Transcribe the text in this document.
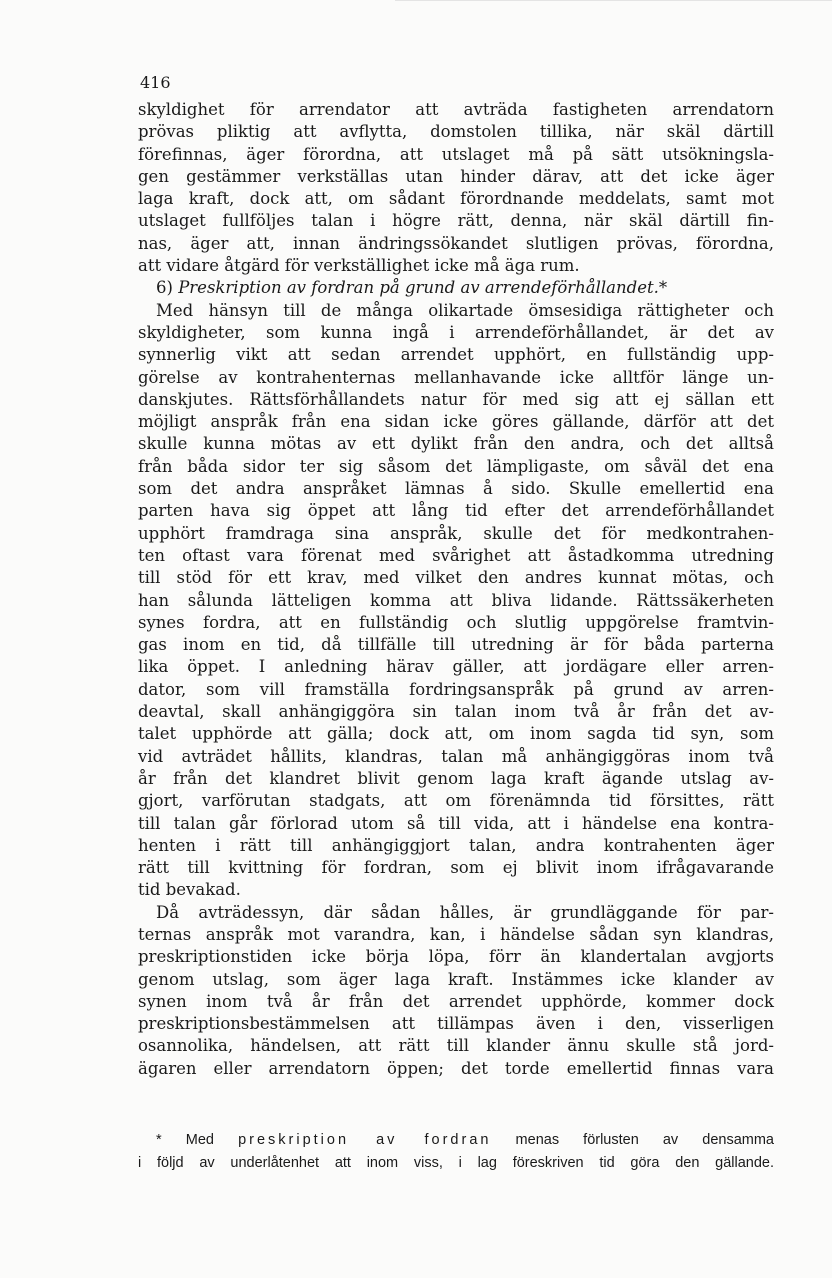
416
skyldighet för arrendator att avträda fastigheten arrendatorn
prövas pliktig att avflytta, domstolen tillika, när skäl därtill
förefinnas, äger förordna, att utslaget må på sätt utsökningsla-
gen gestämmer verkställas utan hinder därav, att det icke äger
laga kraft, dock att, om sådant förordnande meddelats, samt mot
utslaget fullföljes talan i högre rätt, denna, när skäl därtill fin-
nas, äger att, innan ändringssökandet slutligen prövas, förordna,
att vidare åtgärd för verkställighet icke må äga rum.
6) Preskription av fordran på grund av arrendeförhållandet.*
Med hänsyn till de många olikartade ömsesidiga rättigheter och
skyldigheter, som kunna ingå i arrendeförhållandet, är det av
synnerlig vikt att sedan arrendet upphört, en fullständig upp-
görelse av kontrahenternas mellanhavande icke alltför länge un-
danskjutes. Rättsförhållandets natur för med sig att ej sällan ett
möjligt anspråk från ena sidan icke göres gällande, därför att det
skulle kunna mötas av ett dylikt från den andra, och det alltså
från båda sidor ter sig såsom det lämpligaste, om såväl det ena
som det andra anspråket lämnas å sido. Skulle emellertid ena
parten hava sig öppet att lång tid efter det arrendeförhållandet
upphört framdraga sina anspråk, skulle det för medkontrahen-
ten oftast vara förenat med svårighet att åstadkomma utredning
till stöd för ett krav, med vilket den andres kunnat mötas, och
han sålunda lätteligen komma att bliva lidande. Rättssäkerheten
synes fordra, att en fullständig och slutlig uppgörelse framtvin-
gas inom en tid, då tillfälle till utredning är för båda parterna
lika öppet. I anledning härav gäller, att jordägare eller arren-
dator, som vill framställa fordringsanspråk på grund av arren-
deavtal, skall anhängiggöra sin talan inom två år från det av-
talet upphörde att gälla; dock att, om inom sagda tid syn, som
vid avträdet hållits, klandras, talan må anhängiggöras inom två
år från det klandret blivit genom laga kraft ägande utslag av-
gjort, varförutan stadgats, att om förenämnda tid försittes, rätt
till talan går förlorad utom så till vida, att i händelse ena kontra-
henten i rätt till anhängiggjort talan, andra kontrahenten äger
rätt till kvittning för fordran, som ej blivit inom ifrågavarande
tid bevakad.
Då avträdessyn, där sådan hålles, är grundläggande för par-
ternas anspråk mot varandra, kan, i händelse sådan syn klandras,
preskriptionstiden icke börja löpa, förr än klandertalan avgjorts
genom utslag, som äger laga kraft. Instämmes icke klander av
synen inom två år från det arrendet upphörde, kommer dock
preskriptionsbestämmelsen att tillämpas även i den, visserligen
osannolika, händelsen, att rätt till klander ännu skulle stå jord-
ägaren eller arrendatorn öppen; det torde emellertid finnas vara
* Med preskription av fordran menas förlusten av densamma
i följd av underlåtenhet att inom viss, i lag föreskriven tid göra den gällande.
